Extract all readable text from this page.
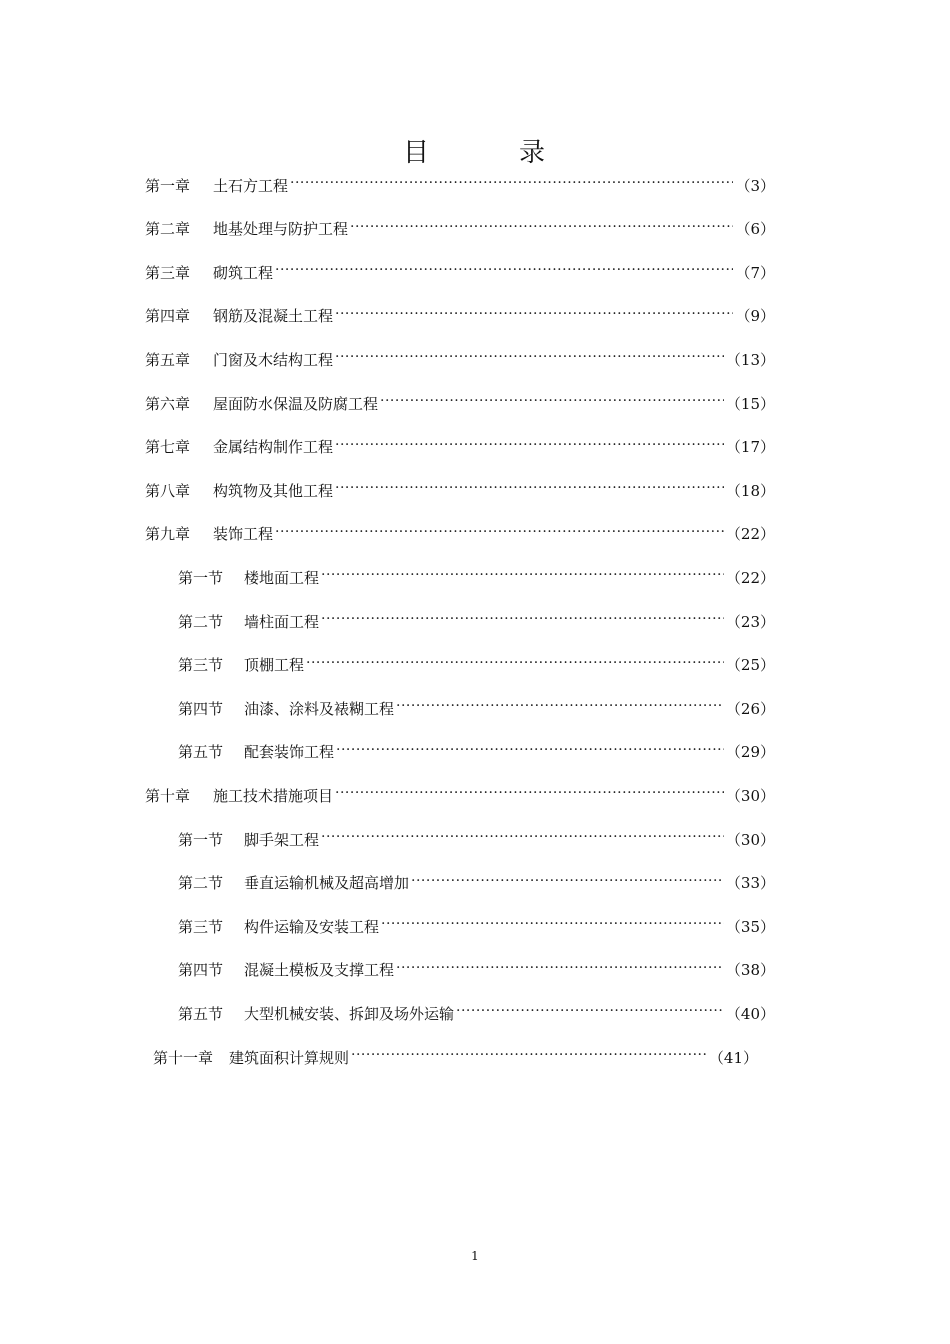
目	录
第一章	土石方工程 ·····	（3）
第二章	地基处理与防护工程 ·····	（6）
第三章	砌筑工程 ·····	（7）
第四章	钢筋及混凝土工程 ·····	（9）
第五章	门窗及木结构工程 ·····	（13）
第六章	屋面防水保温及防腐工程 ·····	（15）
第七章	金属结构制作工程 ·····	（17）
第八章	构筑物及其他工程 ·····	（18）
第九章	装饰工程 ·····	（22）
第一节	楼地面工程 ·····	（22）
第二节	墙柱面工程 ·····	（23）
第三节	顶棚工程 ·····	（25）
第四节	油漆、涂料及裱糊工程 ·····	（26）
第五节	配套装饰工程 ·····	（29）
第十章	施工技术措施项目 ·····	（30）
第一节	脚手架工程 ·····	（30）
第二节	垂直运输机械及超高增加 ·····	（33）
第三节	构件运输及安装工程 ·····	（35）
第四节	混凝土模板及支撑工程 ·····	（38）
第五节	大型机械安装、拆卸及场外运输 ·····	（40）
第十一章	建筑面积计算规则 ·····	（41）
1
